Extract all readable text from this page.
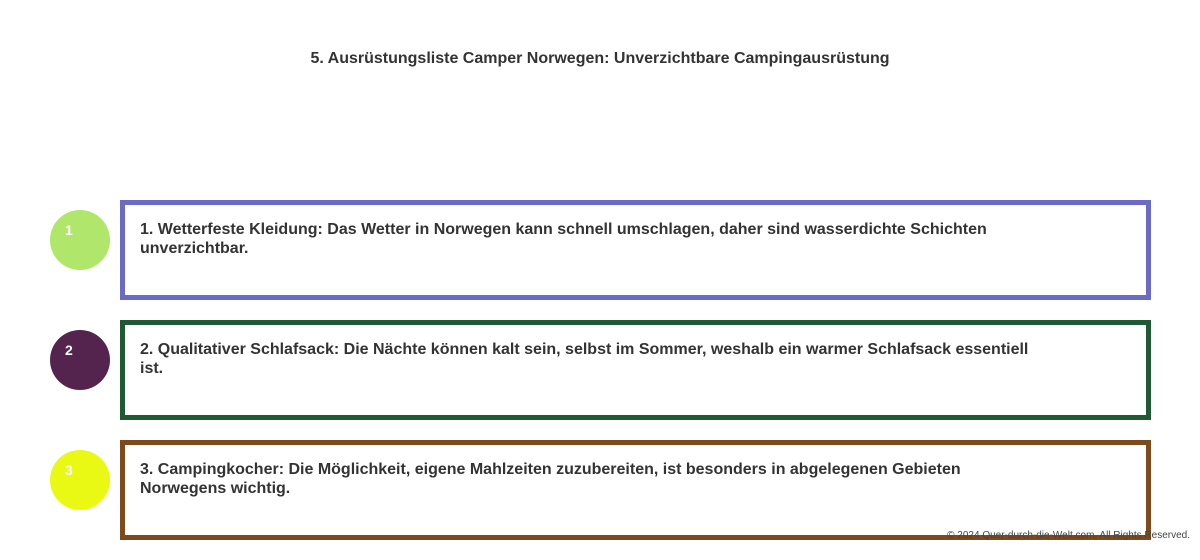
5. Ausrüstungsliste Camper Norwegen: Unverzichtbare Campingausrüstung
1	1. Wetterfeste Kleidung: Das Wetter in Norwegen kann schnell umschlagen, daher sind wasserdichte Schichten unverzichtbar.
2	2. Qualitativer Schlafsack: Die Nächte können kalt sein, selbst im Sommer, weshalb ein warmer Schlafsack essentiell ist.
3	3. Campingkocher: Die Möglichkeit, eigene Mahlzeiten zuzubereiten, ist besonders in abgelegenen Gebieten Norwegens wichtig.
© 2024 Quer-durch-die-Welt.com. All Rights Reserved.
